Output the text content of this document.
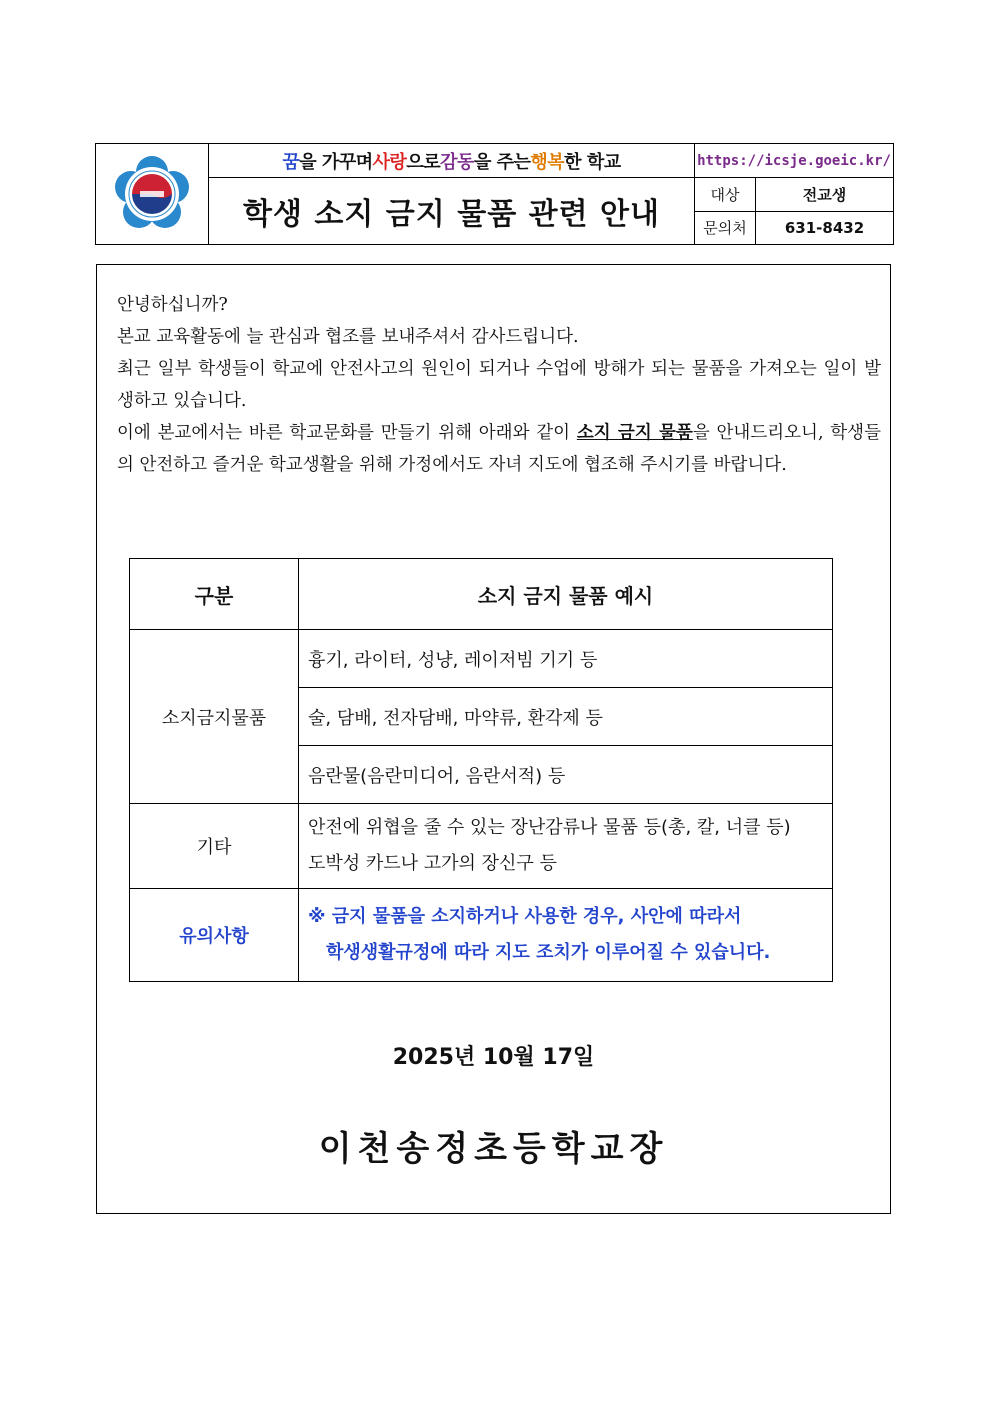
꿈 을 가꾸며 사랑 으로 감동 을 주는 행복 한 학교
학생 소지 금지 물품 관련 안내
https://icsje.goeic.kr/
대상	전교생
문의처	631-8432

안녕하십니까?

본교 교육활동에 늘 관심과 협조를 보내주셔서 감사드립니다.

최근 일부 학생들이 학교에 안전사고의 원인이 되거나 수업에 방해가 되는 물품을 가져오는 일이 발생하고 있습니다.

이에 본교에서는 바른 학교문화를 만들기 위해 아래와 같이 소지 금지 물품을 안내드리오니, 학생들의 안전하고 즐거운 학교생활을 위해 가정에서도 자녀 지도에 협조해 주시기를 바랍니다.

구분	소지 금지 물품 예시
소지금지물품	흉기, 라이터, 성냥, 레이저빔 기기 등
	술, 담배, 전자담배, 마약류, 환각제 등
	음란물(음란미디어, 음란서적) 등
기타	안전에 위협을 줄 수 있는 장난감류나 물품 등(총, 칼, 너클 등)
도박성 카드나 고가의 장신구 등

유의사항	※ 금지 물품을 소지하거나 사용한 경우, 사안에 따라서
학생생활규정에 따라 지도 조치가 이루어질 수 있습니다.
2025년 10월 17일
이천송정초등학교장
